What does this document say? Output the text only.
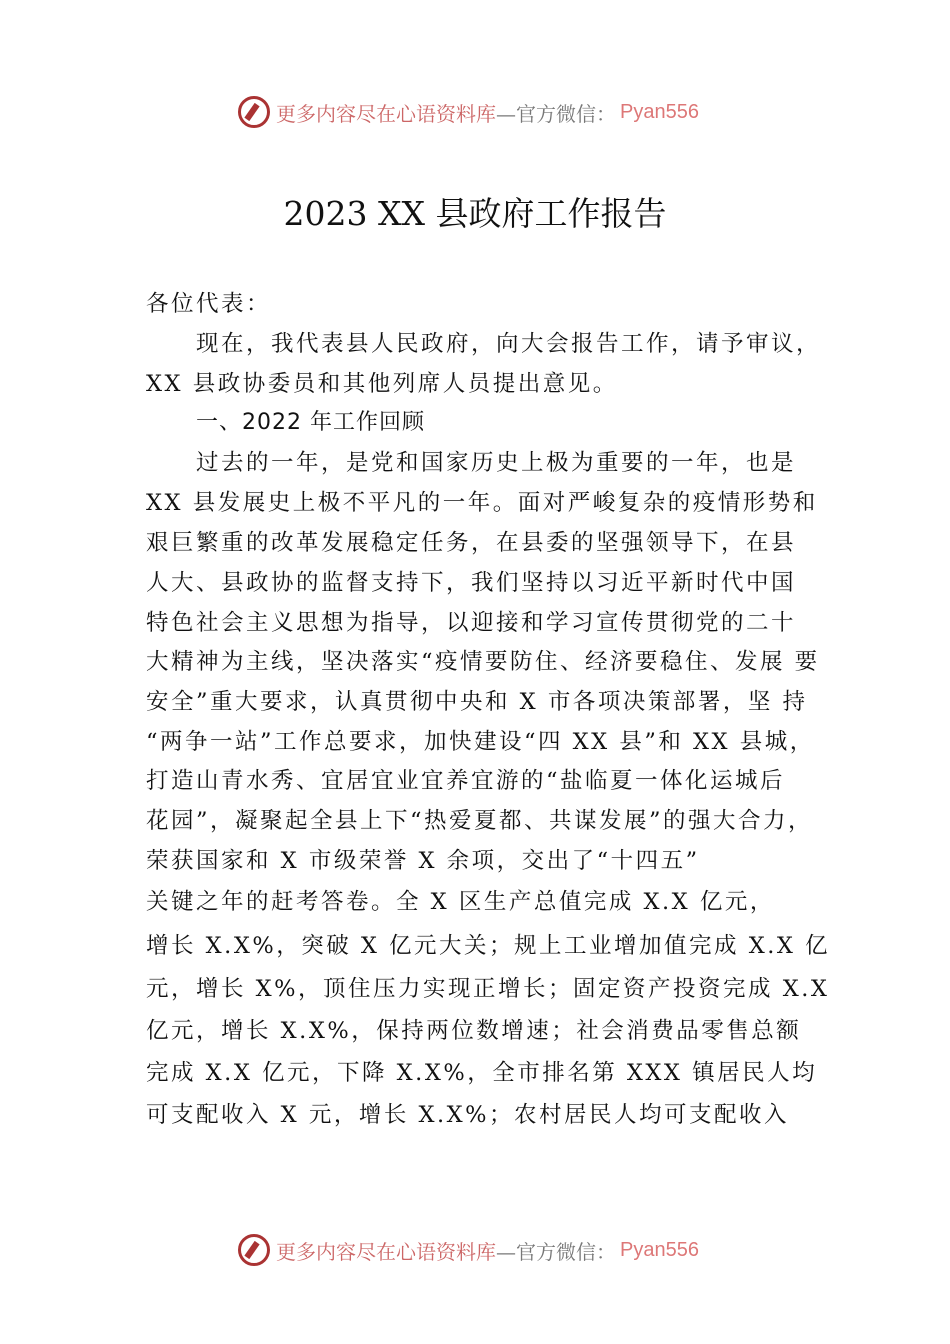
更多内容尽在心语资料库 —官方微信： Pyan556
2023 XX 县政府工作报告
各位代表：
现在，我代表县人民政府，向大会报告工作，请予审议，
XX 县政协委员和其他列席人员提出意见。
一、2022 年工作回顾
过去的一年，是党和国家历史上极为重要的一年，也是
XX 县发展史上极不平凡的一年。面对严峻复杂的疫情形势和
艰巨繁重的改革发展稳定任务，在县委的坚强领导下，在县
人大、县政协的监督支持下，我们坚持以习近平新时代中国
特色社会主义思想为指导，以迎接和学习宣传贯彻党的二十
大精神为主线，坚决落实“疫情要防住、经济要稳住、发展 要
安全”重大要求，认真贯彻中央和 X 市各项决策部署，坚 持
“两争一站”工作总要求，加快建设“四 XX 县”和 XX 县城，
打造山青水秀、宜居宜业宜养宜游的“盐临夏一体化运城后
花园”，凝聚起全县上下“热爱夏都、共谋发展”的强大合力，
荣获国家和 X 市级荣誉 X 余项，交出了“十四五”
关键之年的赶考答卷。全 X 区生产总值完成 X.X 亿元，
增长 X.X%，突破 X 亿元大关；规上工业增加值完成 X.X 亿
元，增长 X%，顶住压力实现正增长；固定资产投资完成 X.X
亿元，增长 X.X%，保持两位数增速；社会消费品零售总额
完成 X.X 亿元，下降 X.X%，全市排名第 XXX 镇居民人均
可支配收入 X 元，增长 X.X%；农村居民人均可支配收入
更多内容尽在心语资料库 —官方微信： Pyan556
